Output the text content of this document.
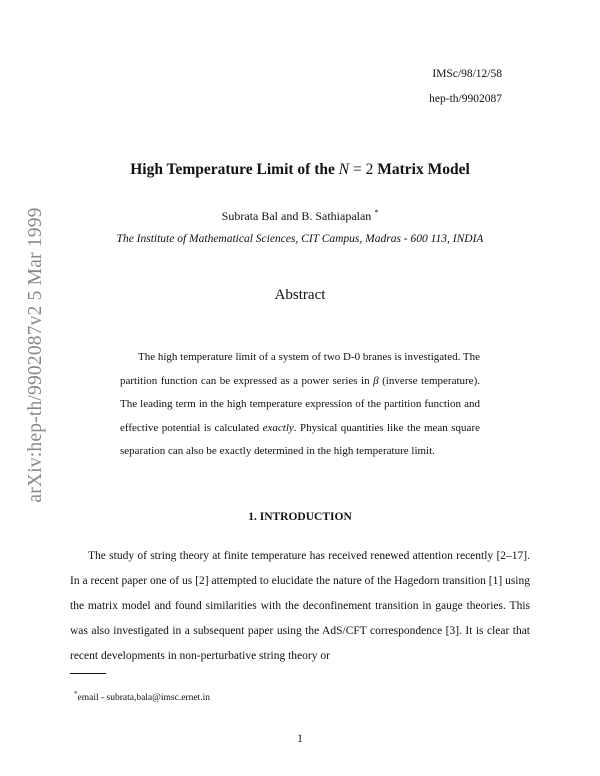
IMSc/98/12/58
hep-th/9902087
arXiv:hep-th/9902087v2 5 Mar 1999
High Temperature Limit of the N = 2 Matrix Model
Subrata Bal and B. Sathiapalan *
The Institute of Mathematical Sciences, CIT Campus, Madras - 600 113, INDIA
Abstract

The high temperature limit of a system of two D-0 branes is investigated. The partition function can be expressed as a power series in β (inverse temperature). The leading term in the high temperature expression of the partition function and effective potential is calculated exactly. Physical quantities like the mean square separation can also be exactly determined in the high temperature limit.

1. INTRODUCTION

The study of string theory at finite temperature has received renewed attention recently [2–17]. In a recent paper one of us [2] attempted to elucidate the nature of the Hagedorn transition [1] using the matrix model and found similarities with the deconfinement transition in gauge theories. This was also investigated in a subsequent paper using the AdS/CFT correspondence [3]. It is clear that recent developments in non-perturbative string theory or

*email - subrata,bala@imsc.ernet.in
1
